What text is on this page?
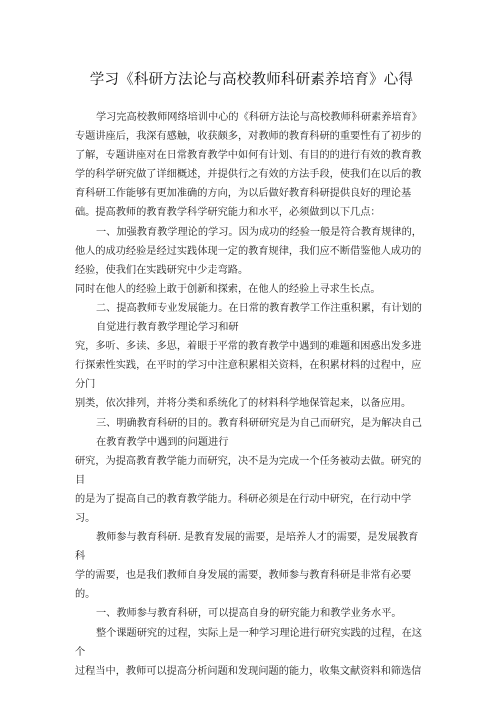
学习《科研方法论与高校教师科研素养培育》心得
学习完高校教师网络培训中心的《科研方法论与高校教师科研素养培育》
专题讲座后，我深有感触，收获颇多，对教师的教育科研的重要性有了初步的
了解，专题讲座对在日常教育教学中如何有计划、有目的的进行有效的教育教
学的科学研究做了详细概述，并提供行之有效的方法手段，使我们在以后的教
育科研工作能够有更加准确的方向，为以后做好教育科研提供良好的理论基
础。提高教师的教育教学科学研究能力和水平，必须做到以下几点：
一、加强教育教学理论的学习。因为成功的经验一般是符合教育规律的，
他人的成功经验是经过实践体现一定的教育规律，我们应不断借鉴他人成功的
经验，使我们在实践研究中少走弯路。
同时在他人的经验上敢于创新和探索，在他人的经验上寻求生长点。
二、提高教师专业发展能力。在日常的教育教学工作注重积累，有计划的
自觉进行教育教学理论学习和研
究，多听、多读、多思，着眼于平常的教育教学中遇到的难题和困惑出发多进
行探索性实践，在平时的学习中注意积累相关资料，在积累材料的过程中，应
分门
别类，依次排列，并将分类和系统化了的材料科学地保管起来，以备应用。
三、明确教育科研的目的。教育科研研究是为自己而研究，是为解决自己
在教育教学中遇到的问题进行
研究，为提高教育教学能力而研究，决不是为完成一个任务被动去做。研究的
目
的是为了提高自己的教育教学能力。科研必须是在行动中研究，在行动中学
习。
教师参与教育科研. 是教育发展的需要，是培养人才的需要，是发展教育
科
学的需要，也是我们教师自身发展的需要，教师参与教育科研是非常有必要
的。
一、教师参与教育科研，可以提高自身的研究能力和教学业务水平。
整个课题研究的过程，实际上是一种学习理论进行研究实践的过程，在这
个
过程当中，教师可以提高分析问题和发现问题的能力，收集文献资料和筛选信
